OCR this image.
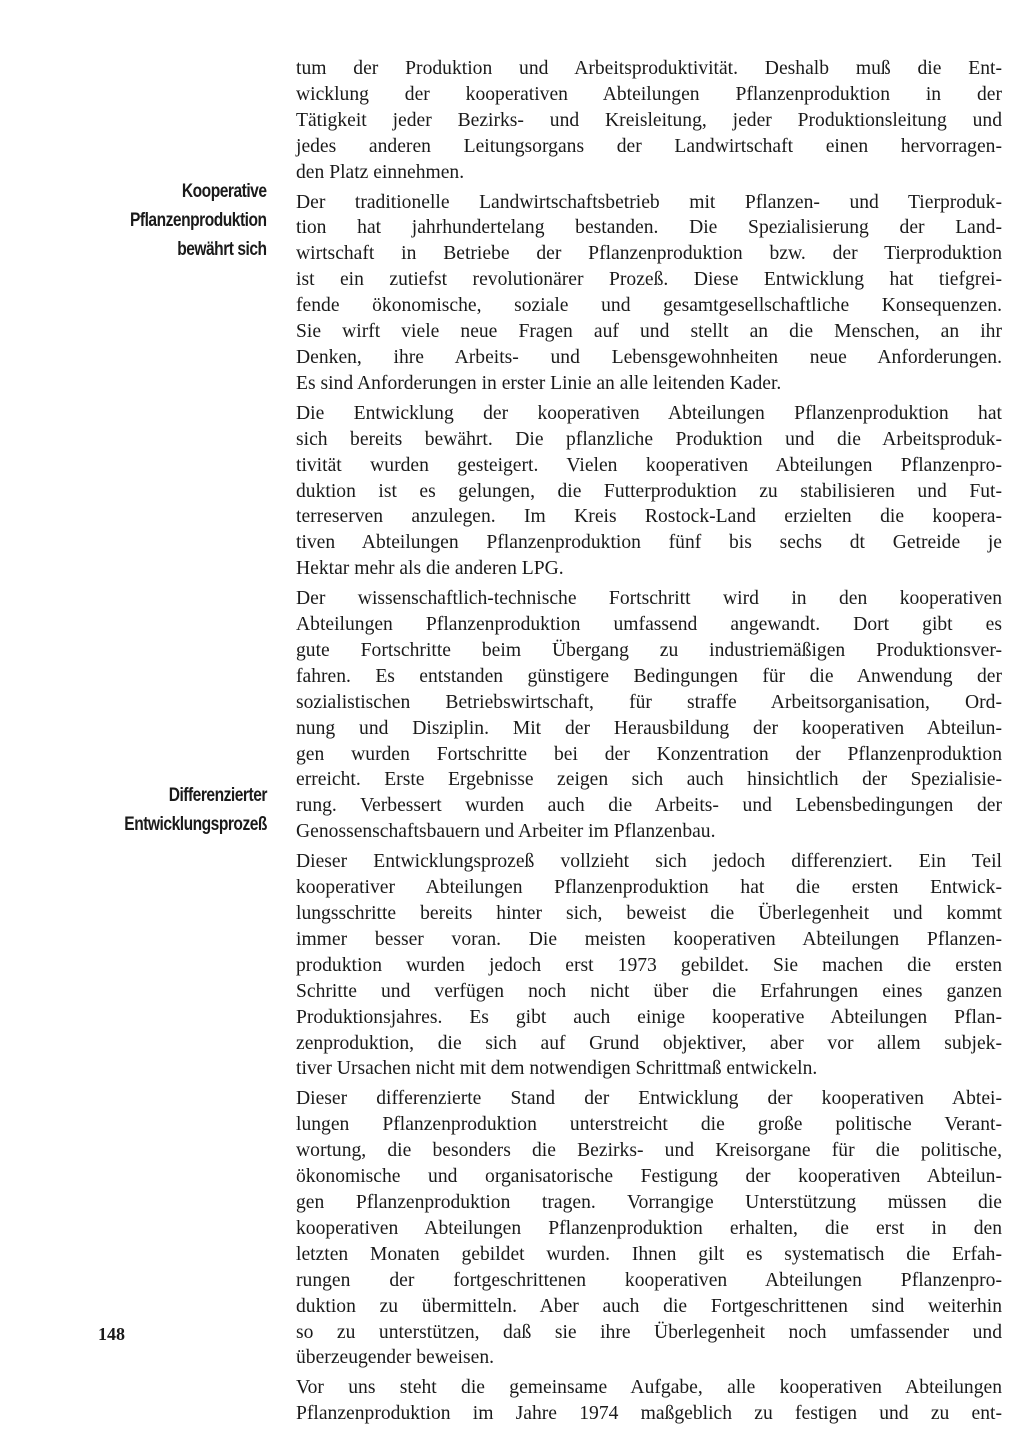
Kooperative
Pflanzenproduktion
bewährt sich
Differenzierter
Entwicklungsprozeß
tum der Produktion und Arbeitsproduktivität. Deshalb muß die Ent-
wicklung der kooperativen Abteilungen Pflanzenproduktion in der
Tätigkeit jeder Bezirks- und Kreisleitung, jeder Produktionsleitung und
jedes anderen Leitungsorgans der Landwirtschaft einen hervorragen-
den Platz einnehmen.
Der traditionelle Landwirtschaftsbetrieb mit Pflanzen- und Tierproduk-
tion hat jahrhundertelang bestanden. Die Spezialisierung der Land-
wirtschaft in Betriebe der Pflanzenproduktion bzw. der Tierproduktion
ist ein zutiefst revolutionärer Prozeß. Diese Entwicklung hat tiefgrei-
fende ökonomische, soziale und gesamtgesellschaftliche Konsequenzen.
Sie wirft viele neue Fragen auf und stellt an die Menschen, an ihr
Denken, ihre Arbeits- und Lebensgewohnheiten neue Anforderungen.
Es sind Anforderungen in erster Linie an alle leitenden Kader.
Die Entwicklung der kooperativen Abteilungen Pflanzenproduktion hat
sich bereits bewährt. Die pflanzliche Produktion und die Arbeitsproduk-
tivität wurden gesteigert. Vielen kooperativen Abteilungen Pflanzenpro-
duktion ist es gelungen, die Futterproduktion zu stabilisieren und Fut-
terreserven anzulegen. Im Kreis Rostock-Land erzielten die koopera-
tiven Abteilungen Pflanzenproduktion fünf bis sechs dt Getreide je
Hektar mehr als die anderen LPG.
Der wissenschaftlich-technische Fortschritt wird in den kooperativen
Abteilungen Pflanzenproduktion umfassend angewandt. Dort gibt es
gute Fortschritte beim Übergang zu industriemäßigen Produktionsver-
fahren. Es entstanden günstigere Bedingungen für die Anwendung der
sozialistischen Betriebswirtschaft, für straffe Arbeitsorganisation, Ord-
nung und Disziplin. Mit der Herausbildung der kooperativen Abteilun-
gen wurden Fortschritte bei der Konzentration der Pflanzenproduktion
erreicht. Erste Ergebnisse zeigen sich auch hinsichtlich der Spezialisie-
rung. Verbessert wurden auch die Arbeits- und Lebensbedingungen der
Genossenschaftsbauern und Arbeiter im Pflanzenbau.
Dieser Entwicklungsprozeß vollzieht sich jedoch differenziert. Ein Teil
kooperativer Abteilungen Pflanzenproduktion hat die ersten Entwick-
lungsschritte bereits hinter sich, beweist die Überlegenheit und kommt
immer besser voran. Die meisten kooperativen Abteilungen Pflanzen-
produktion wurden jedoch erst 1973 gebildet. Sie machen die ersten
Schritte und verfügen noch nicht über die Erfahrungen eines ganzen
Produktionsjahres. Es gibt auch einige kooperative Abteilungen Pflan-
zenproduktion, die sich auf Grund objektiver, aber vor allem subjek-
tiver Ursachen nicht mit dem notwendigen Schrittmaß entwickeln.
Dieser differenzierte Stand der Entwicklung der kooperativen Abtei-
lungen Pflanzenproduktion unterstreicht die große politische Verant-
wortung, die besonders die Bezirks- und Kreisorgane für die politische,
ökonomische und organisatorische Festigung der kooperativen Abteilun-
gen Pflanzenproduktion tragen. Vorrangige Unterstützung müssen die
kooperativen Abteilungen Pflanzenproduktion erhalten, die erst in den
letzten Monaten gebildet wurden. Ihnen gilt es systematisch die Erfah-
rungen der fortgeschrittenen kooperativen Abteilungen Pflanzenpro-
duktion zu übermitteln. Aber auch die Fortgeschrittenen sind weiterhin
so zu unterstützen, daß sie ihre Überlegenheit noch umfassender und
überzeugender beweisen.
Vor uns steht die gemeinsame Aufgabe, alle kooperativen Abteilungen
Pflanzenproduktion im Jahre 1974 maßgeblich zu festigen und zu ent-
148
